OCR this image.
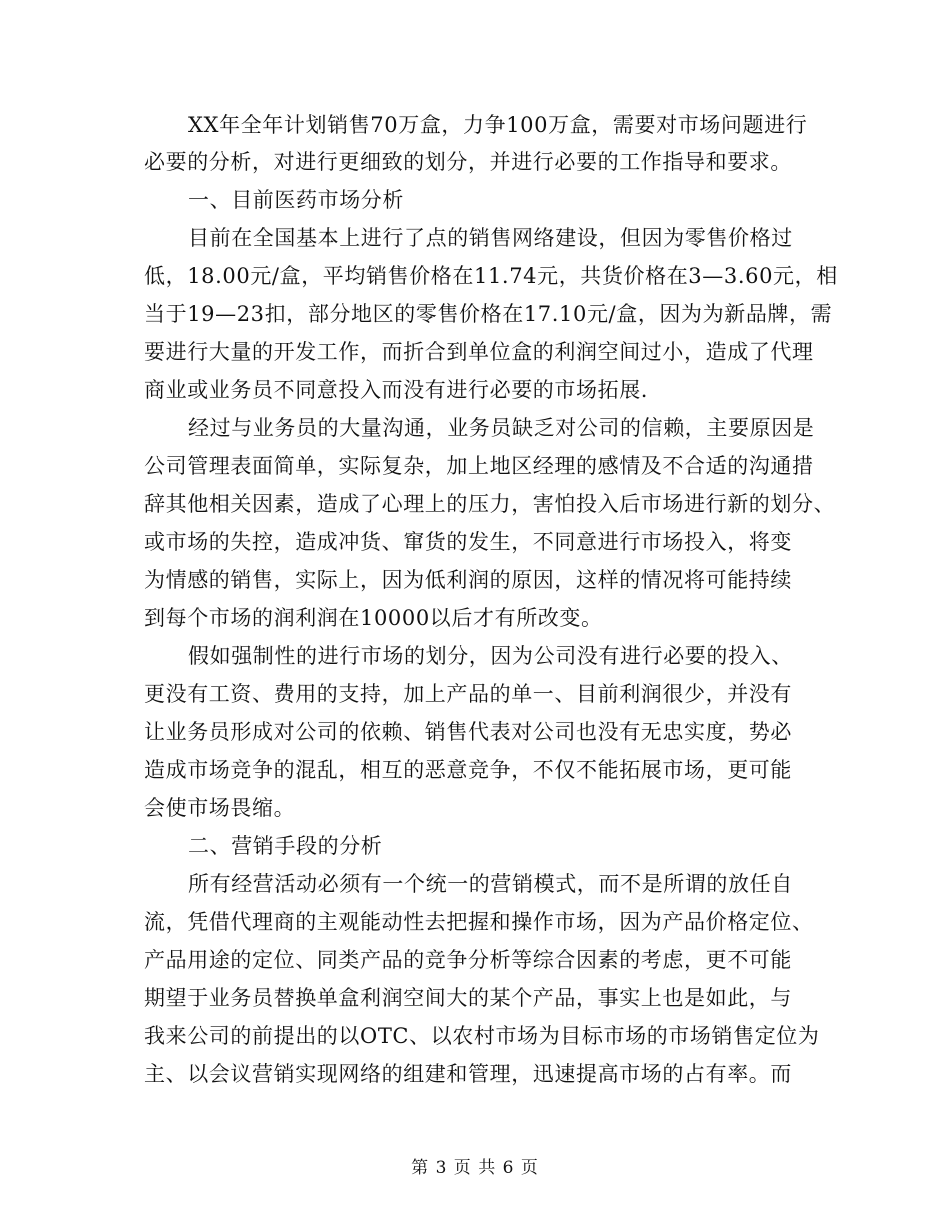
XX年全年计划销售70万盒，力争100万盒，需要对市场问题进行
必要的分析，对进行更细致的划分，并进行必要的工作指导和要求。
一、目前医药市场分析
目前在全国基本上进行了点的销售网络建设，但因为零售价格过
低，18.00元/盒，平均销售价格在11.74元，共货价格在3—3.60元，相
当于19—23扣，部分地区的零售价格在17.10元/盒，因为为新品牌，需
要进行大量的开发工作，而折合到单位盒的利润空间过小，造成了代理
商业或业务员不同意投入而没有进行必要的市场拓展.
经过与业务员的大量沟通，业务员缺乏对公司的信赖，主要原因是
公司管理表面简单，实际复杂，加上地区经理的感情及不合适的沟通措
辞其他相关因素，造成了心理上的压力，害怕投入后市场进行新的划分、
或市场的失控，造成冲货、窜货的发生，不同意进行市场投入，将变
为情感的销售，实际上，因为低利润的原因，这样的情况将可能持续
到每个市场的润利润在10000以后才有所改变。
假如强制性的进行市场的划分，因为公司没有进行必要的投入、
更没有工资、费用的支持，加上产品的单一、目前利润很少，并没有
让业务员形成对公司的依赖、销售代表对公司也没有无忠实度，势必
造成市场竞争的混乱，相互的恶意竞争，不仅不能拓展市场，更可能
会使市场畏缩。
二、营销手段的分析
所有经营活动必须有一个统一的营销模式，而不是所谓的放任自
流，凭借代理商的主观能动性去把握和操作市场，因为产品价格定位、
产品用途的定位、同类产品的竞争分析等综合因素的考虑，更不可能
期望于业务员替换单盒利润空间大的某个产品，事实上也是如此，与
我来公司的前提出的以OTC、以农村市场为目标市场的市场销售定位为
主、以会议营销实现网络的组建和管理，迅速提高市场的占有率。而
第 3 页 共 6 页
